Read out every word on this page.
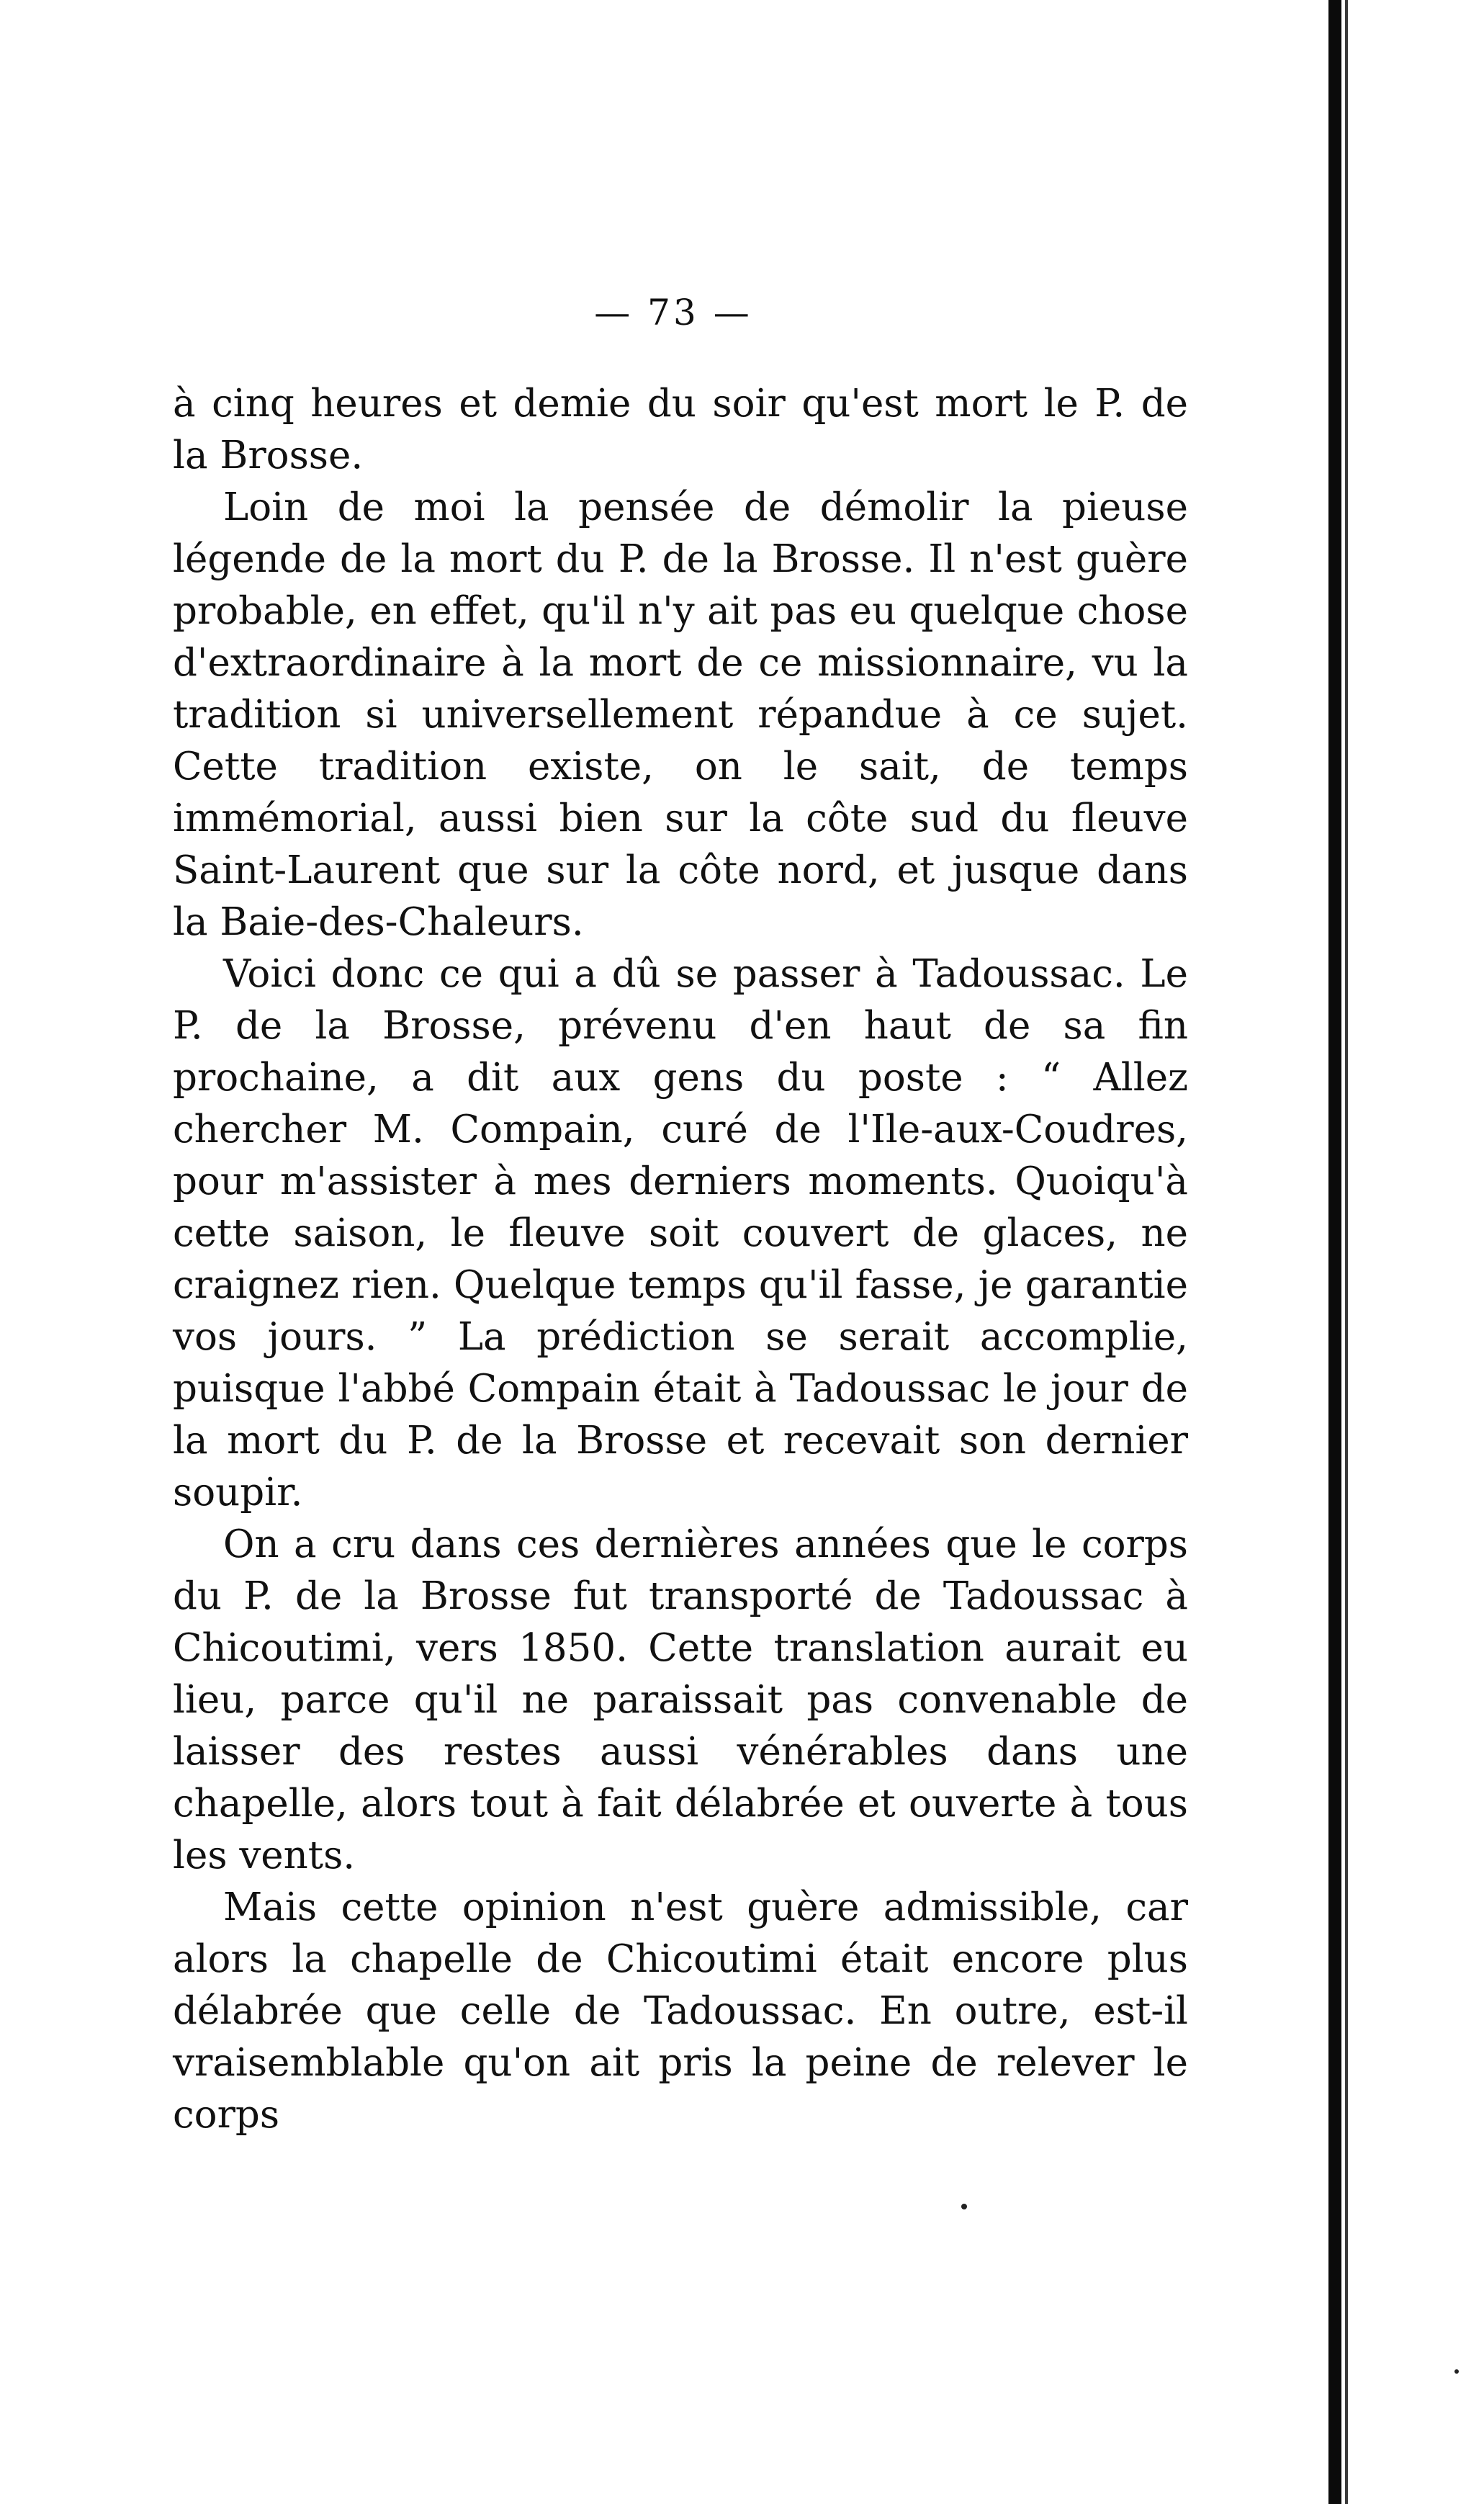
— 73 —

à cinq heures et demie du soir qu'est mort le P. de la Brosse.

Loin de moi la pensée de démolir la pieuse légende de la mort du P. de la Brosse. Il n'est guère probable, en effet, qu'il n'y ait pas eu quelque chose d'extraordinaire à la mort de ce missionnaire, vu la tradition si universellement répandue à ce sujet. Cette tradition existe, on le sait, de temps immémorial, aussi bien sur la côte sud du fleuve Saint-Laurent que sur la côte nord, et jusque dans la Baie-des-Chaleurs.

Voici donc ce qui a dû se passer à Tadoussac. Le P. de la Brosse, prévenu d'en haut de sa fin prochaine, a dit aux gens du poste : “ Allez chercher M. Compain, curé de l'Ile-aux-Coudres, pour m'assister à mes derniers moments. Quoiqu'à cette saison, le fleuve soit couvert de glaces, ne craignez rien. Quelque temps qu'il fasse, je garantie vos jours. ” La prédiction se serait accomplie, puisque l'abbé Compain était à Tadoussac le jour de la mort du P. de la Brosse et recevait son dernier soupir.

On a cru dans ces dernières années que le corps du P. de la Brosse fut transporté de Tadoussac à Chicoutimi, vers 1850. Cette translation aurait eu lieu, parce qu'il ne paraissait pas convenable de laisser des restes aussi vénérables dans une chapelle, alors tout à fait délabrée et ouverte à tous les vents.

Mais cette opinion n'est guère admissible, car alors la chapelle de Chicoutimi était encore plus délabrée que celle de Tadoussac. En outre, est-il vraisemblable qu'on ait pris la peine de relever le corps
